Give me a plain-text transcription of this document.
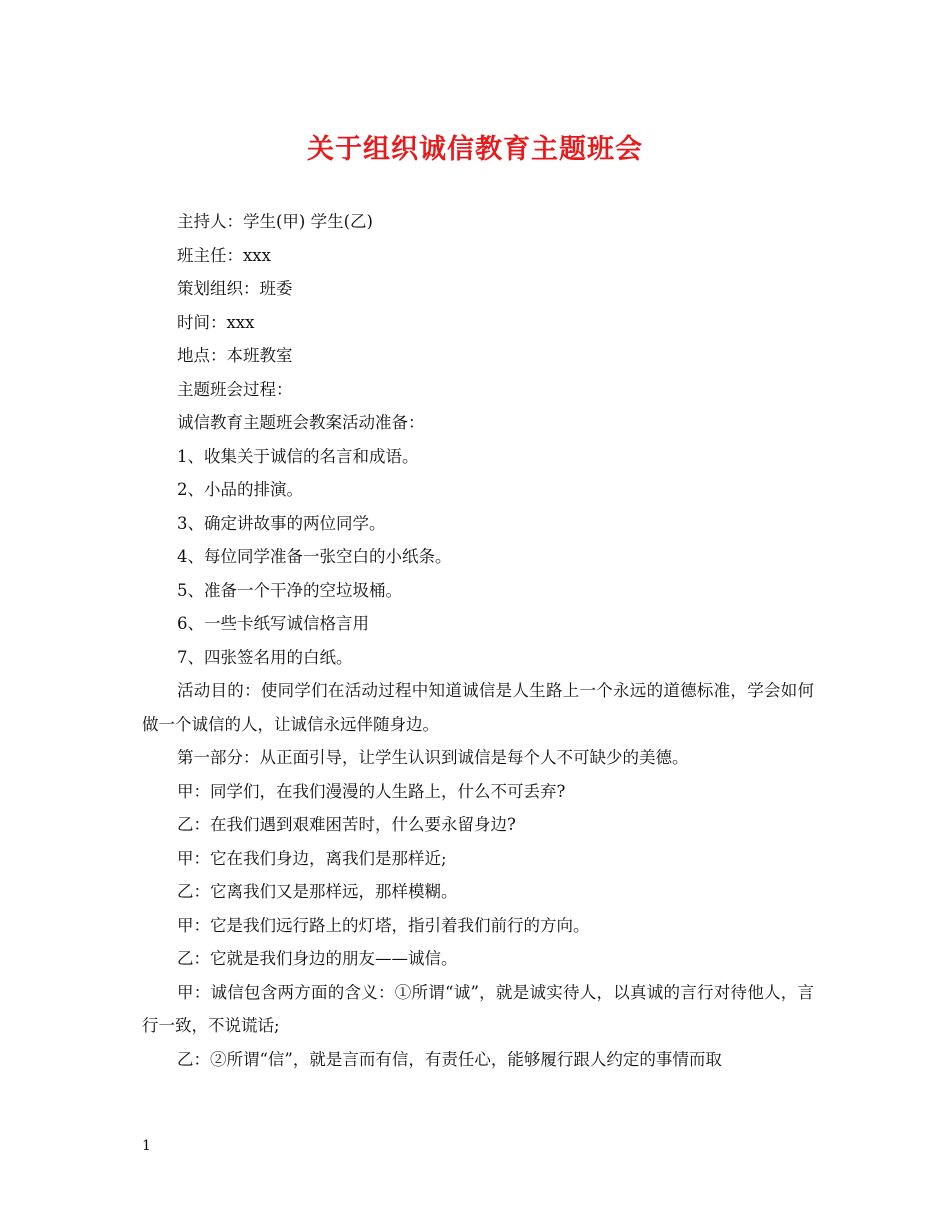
关于组织诚信教育主题班会

主持人：学生(甲) 学生(乙)

班主任：xxx

策划组织：班委

时间：xxx

地点：本班教室

主题班会过程：

诚信教育主题班会教案活动准备：

1、收集关于诚信的名言和成语。

2、小品的排演。

3、确定讲故事的两位同学。

4、每位同学准备一张空白的小纸条。

5、准备一个干净的空垃圾桶。

6、一些卡纸写诚信格言用

7、四张签名用的白纸。

活动目的：使同学们在活动过程中知道诚信是人生路上一个永远的道德标准，学会如何做一个诚信的人，让诚信永远伴随身边。

第一部分：从正面引导，让学生认识到诚信是每个人不可缺少的美德。

甲：同学们，在我们漫漫的人生路上，什么不可丢弃?

乙：在我们遇到艰难困苦时，什么要永留身边?

甲：它在我们身边，离我们是那样近;

乙：它离我们又是那样远，那样模糊。

甲：它是我们远行路上的灯塔，指引着我们前行的方向。

乙：它就是我们身边的朋友——诚信。

甲：诚信包含两方面的含义：①所谓“诚”，就是诚实待人，以真诚的言行对待他人，言行一致，不说谎话;

乙：②所谓“信”，就是言而有信，有责任心，能够履行跟人约定的事情而取

1
